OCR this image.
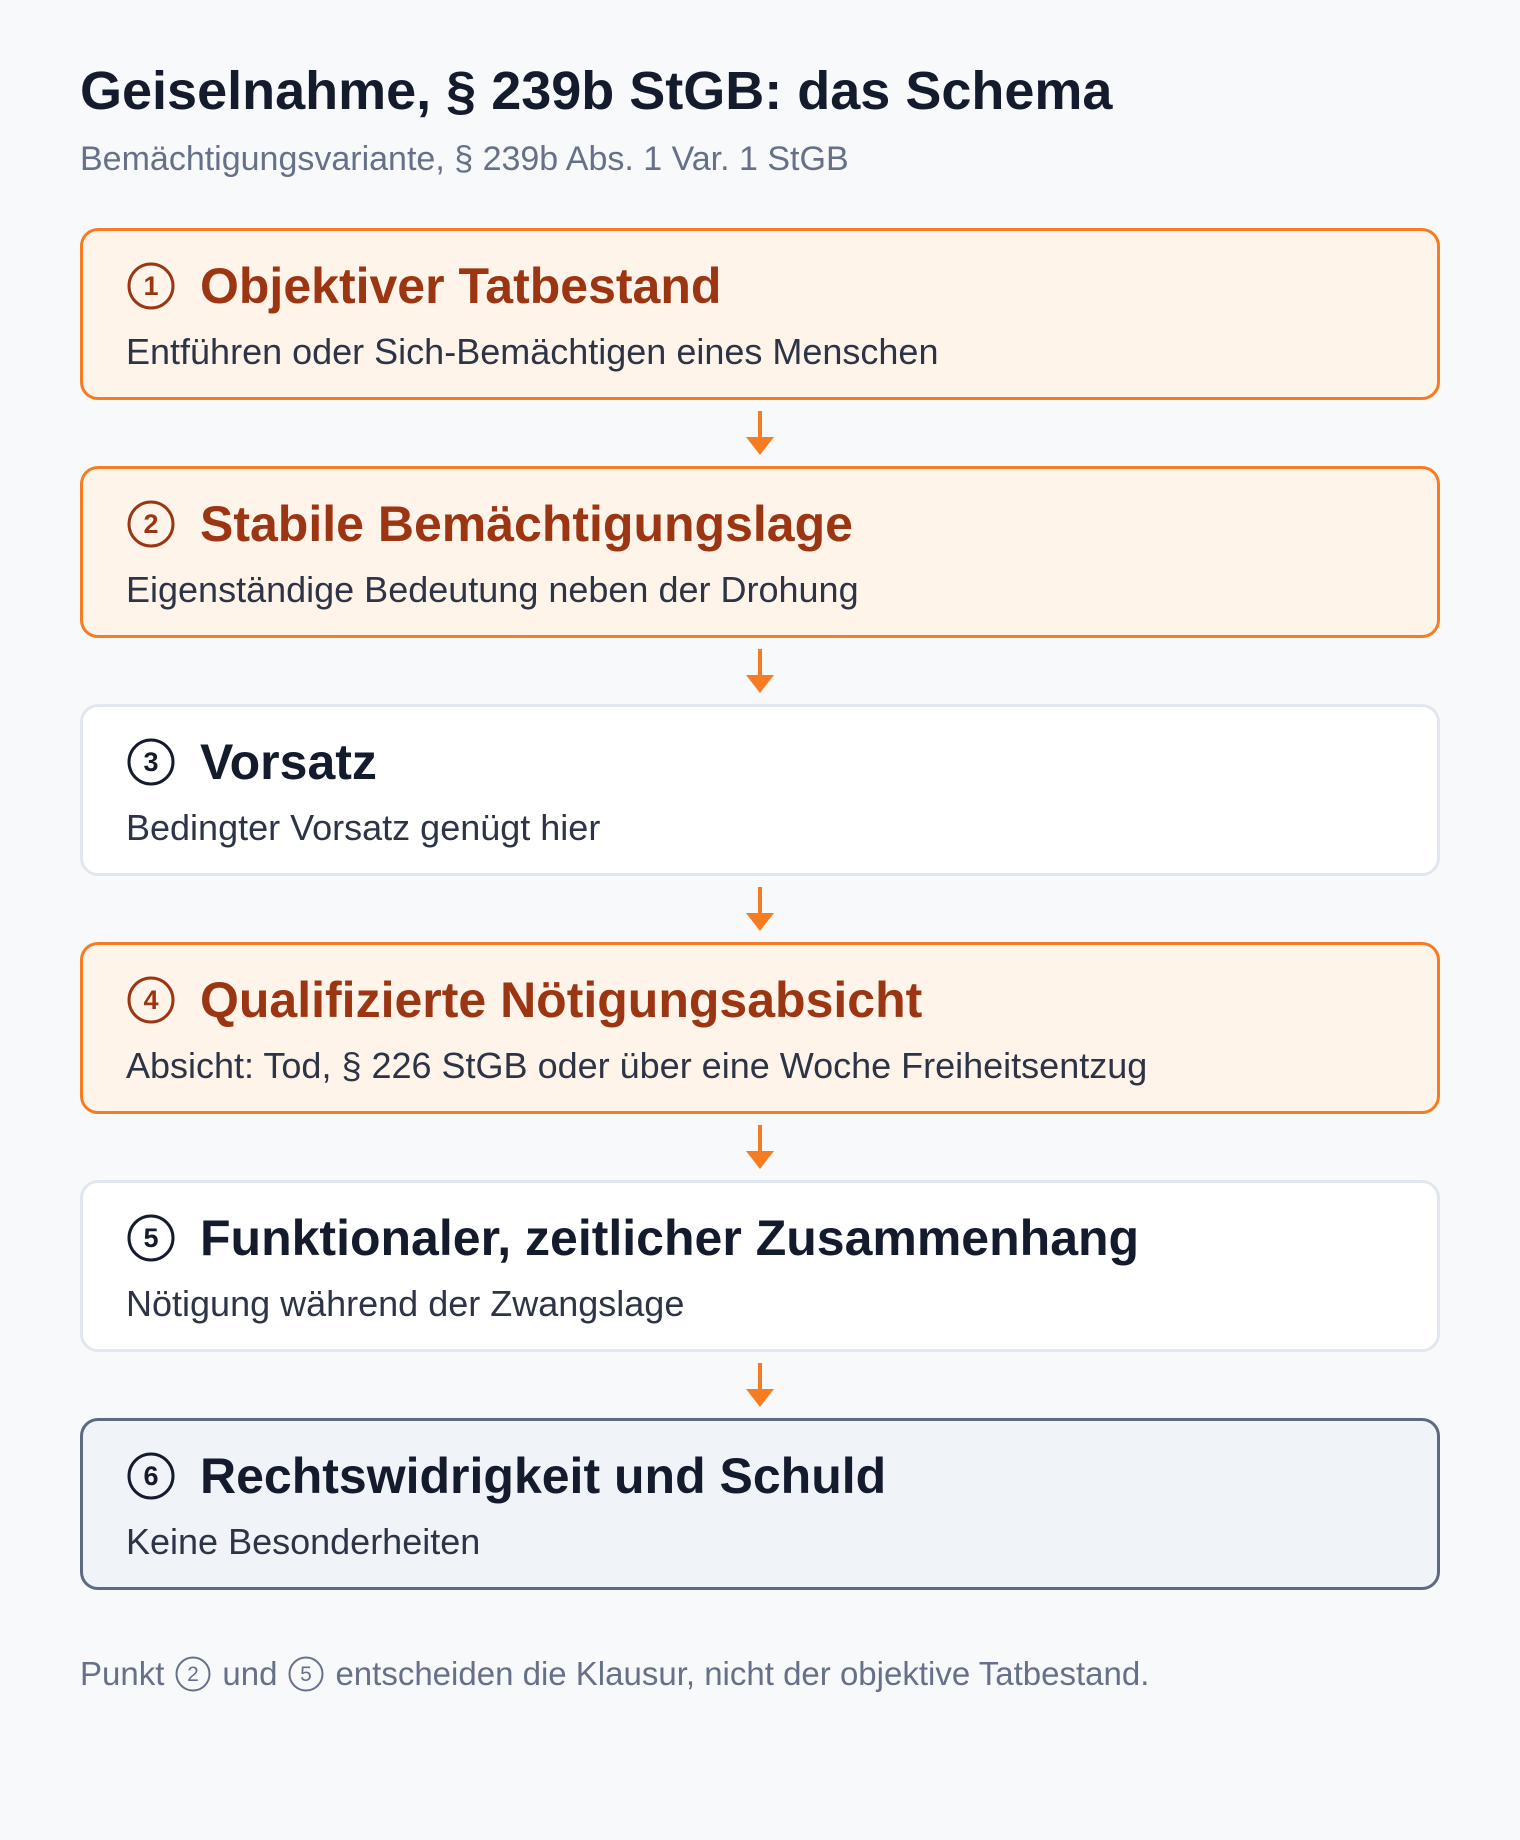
Geiselnahme, § 239b StGB: das Schema

Bemächtigungsvariante, § 239b Abs. 1 Var. 1 StGB

1 Objektiver Tatbestand
Entführen oder Sich-Bemächtigen eines Menschen
2 Stabile Bemächtigungslage
Eigenständige Bedeutung neben der Drohung
3 Vorsatz
Bedingter Vorsatz genügt hier
4 Qualifizierte Nötigungsabsicht
Absicht: Tod, § 226 StGB oder über eine Woche Freiheitsentzug
5 Funktionaler, zeitlicher Zusammenhang
Nötigung während der Zwangslage
6 Rechtswidrigkeit und Schuld
Keine Besonderheiten
Punkt 2 und 5 entscheiden die Klausur, nicht der objektive Tatbestand.
